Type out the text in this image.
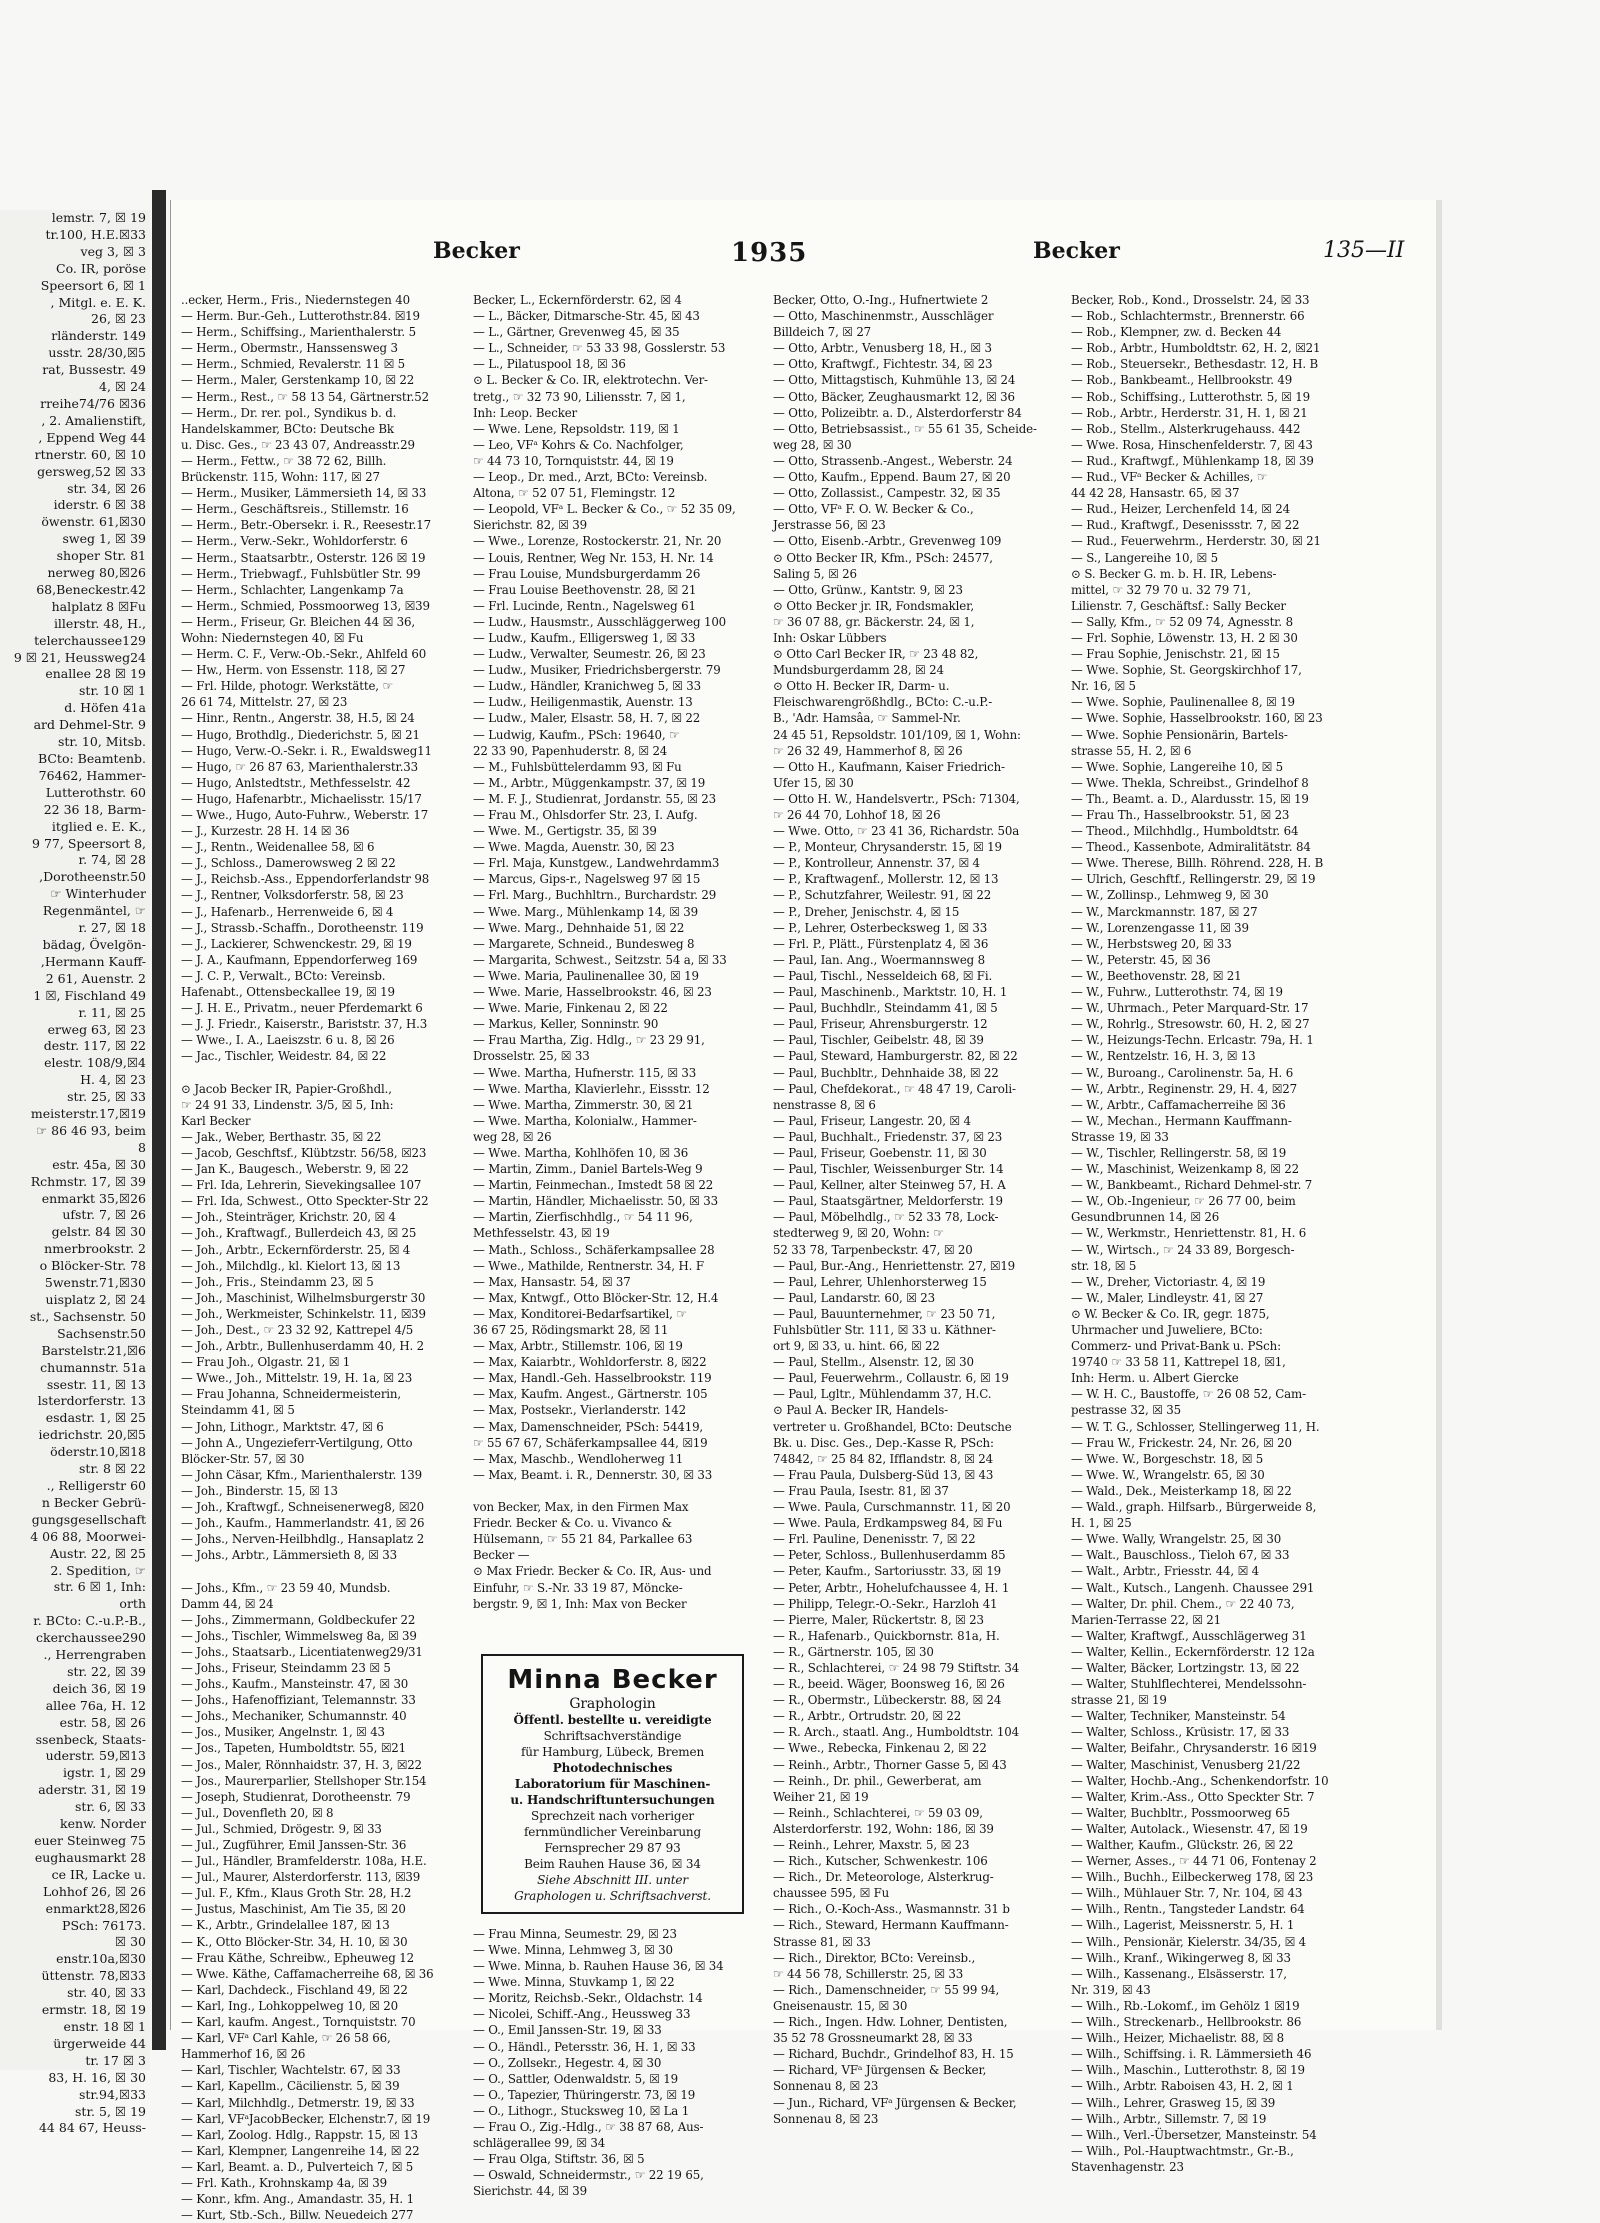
lemstr. 7, ☒ 19
tr.100, H.E.☒33
veg 3, ☒ 3
Co. IR, poröse
Speersort 6, ☒ 1
, Mitgl. e. E. K.
26, ☒ 23
rländerstr. 149
usstr. 28/30,☒5
rat, Bussestr. 49
4, ☒ 24
rreihe74/76 ☒36
, 2. Amalienstift,
, Eppend Weg 44
rtnerstr. 60, ☒ 10
gersweg,52 ☒ 33
str. 34, ☒ 26
iderstr. 6 ☒ 38
öwenstr. 61,☒30
sweg 1, ☒ 39
shoper Str. 81
nerweg 80,☒26
68,Beneckestr.42
halplatz 8 ☒Fu
illerstr. 48, H.,
telerchaussee129
9 ☒ 21, Heussweg24
enallee 28 ☒ 19
str. 10 ☒ 1
d. Höfen 41a
ard Dehmel-Str. 9
str. 10, Mitsb.
BCto: Beamtenb.
76462, Hammer-
Lutterothstr. 60
22 36 18, Barm-
itglied e. E. K.,
9 77, Speersort 8,
r. 74, ☒ 28
,Dorotheenstr.50
☞ Winterhuder
Regenmäntel, ☞
r. 27, ☒ 18
bädag, Övelgön-
,Hermann Kauff-
2 61, Auenstr. 2
1 ☒, Fischland 49
r. 11, ☒ 25
erweg 63, ☒ 23
destr. 117, ☒ 22
elestr. 108/9,☒4
H. 4, ☒ 23
str. 25, ☒ 33
meisterstr.17,☒19
☞ 86 46 93, beim
8
estr. 45a, ☒ 30
Rchmstr. 17, ☒ 39
enmarkt 35,☒26
ufstr. 7, ☒ 26
gelstr. 84 ☒ 30
nmerbrookstr. 2
o Blöcker-Str. 78
5wenstr.71,☒30
uisplatz 2, ☒ 24
st., Sachsenstr. 50
Sachsenstr.50
Barstelstr.21,☒6
chumannstr. 51a
ssestr. 11, ☒ 13
lsterdorferstr. 13
esdastr. 1, ☒ 25
iedrichstr. 20,☒5
öderstr.10,☒18
str. 8 ☒ 22
., Relligerstr 60
n Becker Gebrü-
gungsgesellschaft
4 06 88, Moorwei-
Austr. 22, ☒ 25
2. Spedition, ☞
str. 6 ☒ 1, Inh:
orth
r. BCto: C.-u.P.-B.,
ckerchaussee290
., Herrengraben
str. 22, ☒ 39
deich 36, ☒ 19
allee 76a, H. 12
estr. 58, ☒ 26
ssenbeck, Staats-
uderstr. 59,☒13
igstr. 1, ☒ 29
aderstr. 31, ☒ 19
str. 6, ☒ 33
kenw. Norder
euer Steinweg 75
eughausmarkt 28
ce IR, Lacke u.
Lohhof 26, ☒ 26
enmarkt28,☒26
PSch: 76173.
☒ 30
enstr.10a,☒30
üttenstr. 78,☒33
str. 40, ☒ 33
ermstr. 18, ☒ 19
enstr. 18 ☒ 1
ürgerweide 44
tr. 17 ☒ 3
83, H. 16, ☒ 30
str.94,☒33
str. 5, ☒ 19
44 84 67, Heuss-
Becker	1935	Becker	135—II
..ecker, Herm., Fris., Niedernstegen 40
— Herm. Bur.-Geh., Lutterothstr.84. ☒19
— Herm., Schiffsing., Marienthalerstr. 5
— Herm., Obermstr., Hanssensweg 3
— Herm., Schmied, Revalerstr. 11 ☒ 5
— Herm., Maler, Gerstenkamp 10, ☒ 22
— Herm., Rest., ☞ 58 13 54, Gärtnerstr.52
— Herm., Dr. rer. pol., Syndikus b. d.
Handelskammer, BCto: Deutsche Bk
u. Disc. Ges., ☞ 23 43 07, Andreasstr.29
— Herm., Fettw., ☞ 38 72 62, Billh.
Brückenstr. 115, Wohn: 117, ☒ 27
— Herm., Musiker, Lämmersieth 14, ☒ 33
— Herm., Geschäftsreis., Stillemstr. 16
— Herm., Betr.-Obersekr. i. R., Reesestr.17
— Herm., Verw.-Sekr., Wohldorferstr. 6
— Herm., Staatsarbtr., Osterstr. 126 ☒ 19
— Herm., Triebwagf., Fuhlsbütler Str. 99
— Herm., Schlachter, Langenkamp 7a
— Herm., Schmied, Possmoorweg 13, ☒39
— Herm., Friseur, Gr. Bleichen 44 ☒ 36,
Wohn: Niedernstegen 40, ☒ Fu
— Herm. C. F., Verw.-Ob.-Sekr., Ahlfeld 60
— Hw., Herm. von Essenstr. 118, ☒ 27
— Frl. Hilde, photogr. Werkstätte, ☞
26 61 74, Mittelstr. 27, ☒ 23
— Hinr., Rentn., Angerstr. 38, H.5, ☒ 24
— Hugo, Brothdlg., Diederichstr. 5, ☒ 21
— Hugo, Verw.-O.-Sekr. i. R., Ewaldsweg11
— Hugo, ☞ 26 87 63, Marienthalerstr.33
— Hugo, Anlstedtstr., Methfesselstr. 42
— Hugo, Hafenarbtr., Michaelisstr. 15/17
— Wwe., Hugo, Auto-Fuhrw., Weberstr. 17
— J., Kurzestr. 28 H. 14 ☒ 36
— J., Rentn., Weidenallee 58, ☒ 6
— J., Schloss., Damerowsweg 2 ☒ 22
— J., Reichsb.-Ass., Eppendorferlandstr 98
— J., Rentner, Volksdorferstr. 58, ☒ 23
— J., Hafenarb., Herrenweide 6, ☒ 4
— J., Strassb.-Schaffn., Dorotheenstr. 119
— J., Lackierer, Schwenckestr. 29, ☒ 19
— J. A., Kaufmann, Eppendorferweg 169
— J. C. P., Verwalt., BCto: Vereinsb.
Hafenabt., Ottensbeckallee 19, ☒ 19
— J. H. E., Privatm., neuer Pferdemarkt 6
— J. J. Friedr., Kaiserstr., Bariststr. 37, H.3
— Wwe., I. A., Laeiszstr. 6 u. 8, ☒ 26
— Jac., Tischler, Weidestr. 84, ☒ 22

⊙ Jacob Becker IR, Papier-Großhdl.,
☞ 24 91 33, Lindenstr. 3/5, ☒ 5, Inh:
Karl Becker
— Jak., Weber, Berthastr. 35, ☒ 22
— Jacob, Geschftsf., Klübtzstr. 56/58, ☒23
— Jan K., Baugesch., Weberstr. 9, ☒ 22
— Frl. Ida, Lehrerin, Sievekingsallee 107
— Frl. Ida, Schwest., Otto Speckter-Str 22
— Joh., Steinträger, Krichstr. 20, ☒ 4
— Joh., Kraftwagf., Bullerdeich 43, ☒ 25
— Joh., Arbtr., Eckernförderstr. 25, ☒ 4
— Joh., Milchdlg., kl. Kielort 13, ☒ 13
— Joh., Fris., Steindamm 23, ☒ 5
— Joh., Maschinist, Wilhelmsburgerstr 30
— Joh., Werkmeister, Schinkelstr. 11, ☒39
— Joh., Dest., ☞ 23 32 92, Kattrepel 4/5
— Joh., Arbtr., Bullenhuserdamm 40, H. 2
— Frau Joh., Olgastr. 21, ☒ 1
— Wwe., Joh., Mittelstr. 19, H. 1a, ☒ 23
— Frau Johanna, Schneidermeisterin,
Steindamm 41, ☒ 5
— John, Lithogr., Marktstr. 47, ☒ 6
— John A., Ungezieferr-Vertilgung, Otto
Blöcker-Str. 57, ☒ 30
— John Cäsar, Kfm., Marienthalerstr. 139
— Joh., Binderstr. 15, ☒ 13
— Joh., Kraftwgf., Schneisenerweg8, ☒20
— Joh., Kaufm., Hammerlandstr. 41, ☒ 26
— Johs., Nerven-Heilbhdlg., Hansaplatz 2
— Johs., Arbtr., Lämmersieth 8, ☒ 33

— Johs., Kfm., ☞ 23 59 40, Mundsb.
Damm 44, ☒ 24
— Johs., Zimmermann, Goldbeckufer 22
— Johs., Tischler, Wimmelsweg 8a, ☒ 39
— Johs., Staatsarb., Licentiatenweg29/31
— Johs., Friseur, Steindamm 23 ☒ 5
— Johs., Kaufm., Mansteinstr. 47, ☒ 30
— Johs., Hafenoffiziant, Telemannstr. 33
— Johs., Mechaniker, Schumannstr. 40
— Jos., Musiker, Angelnstr. 1, ☒ 43
— Jos., Tapeten, Humboldtstr. 55, ☒21
— Jos., Maler, Rönnhaidstr. 37, H. 3, ☒22
— Jos., Maurerparlier, Stellshoper Str.154
— Joseph, Studienrat, Dorotheenstr. 79
— Jul., Dovenfleth 20, ☒ 8
— Jul., Schmied, Drögestr. 9, ☒ 33
— Jul., Zugführer, Emil Janssen-Str. 36
— Jul., Händler, Bramfelderstr. 108a, H.E.
— Jul., Maurer, Alsterdorferstr. 113, ☒39
— Jul. F., Kfm., Klaus Groth Str. 28, H.2
— Justus, Maschinist, Am Tie 35, ☒ 20
— K., Arbtr., Grindelallee 187, ☒ 13
— K., Otto Blöcker-Str. 34, H. 10, ☒ 30
— Frau Käthe, Schreibw., Epheuweg 12
— Wwe. Käthe, Caffamacherreihe 68, ☒ 36
— Karl, Dachdeck., Fischland 49, ☒ 22
— Karl, Ing., Lohkoppelweg 10, ☒ 20
— Karl, kaufm. Angest., Tornquiststr. 70
— Karl, VFᵃ Carl Kahle, ☞ 26 58 66,
Hammerhof 16, ☒ 26
— Karl, Tischler, Wachtelstr. 67, ☒ 33
— Karl, Kapellm., Cäcilienstr. 5, ☒ 39
— Karl, Milchhdlg., Detmerstr. 19, ☒ 33
— Karl, VFᵃJacobBecker, Elchenstr.7, ☒ 19
— Karl, Zoolog. Hdlg., Rappstr. 15, ☒ 13
— Karl, Klempner, Langenreihe 14, ☒ 22
— Karl, Beamt. a. D., Pulverteich 7, ☒ 5
— Frl. Kath., Krohnskamp 4a, ☒ 39
— Konr., kfm. Ang., Amandastr. 35, H. 1
— Kurt, Stb.-Sch., Billw. Neuedeich 277
Becker, L., Eckernförderstr. 62, ☒ 4
— L., Bäcker, Ditmarsche-Str. 45, ☒ 43
— L., Gärtner, Grevenweg 45, ☒ 35
— L., Schneider, ☞ 53 33 98, Gosslerstr. 53
— L., Pilatuspool 18, ☒ 36
⊙ L. Becker & Co. IR, elektrotechn. Ver-
tretg., ☞ 32 73 90, Liliensstr. 7, ☒ 1,
Inh: Leop. Becker
— Wwe. Lene, Repsoldstr. 119, ☒ 1
— Leo, VFᵃ Kohrs & Co. Nachfolger,
☞ 44 73 10, Tornquiststr. 44, ☒ 19
— Leop., Dr. med., Arzt, BCto: Vereinsb.
Altona, ☞ 52 07 51, Flemingstr. 12
— Leopold, VFᵃ L. Becker & Co., ☞ 52 35 09,
Sierichstr. 82, ☒ 39
— Wwe., Lorenze, Rostockerstr. 21, Nr. 20
— Louis, Rentner, Weg Nr. 153, H. Nr. 14
— Frau Louise, Mundsburgerdamm 26
— Frau Louise Beethovenstr. 28, ☒ 21
— Frl. Lucinde, Rentn., Nagelsweg 61
— Ludw., Hausmstr., Ausschläggerweg 100
— Ludw., Kaufm., Elligersweg 1, ☒ 33
— Ludw., Verwalter, Seumestr. 26, ☒ 23
— Ludw., Musiker, Friedrichsbergerstr. 79
— Ludw., Händler, Kranichweg 5, ☒ 33
— Ludw., Heiligenmastik, Auenstr. 13
— Ludw., Maler, Elsastr. 58, H. 7, ☒ 22
— Ludwig, Kaufm., PSch: 19640, ☞
22 33 90, Papenhuderstr. 8, ☒ 24
— M., Fuhlsbüttelerdamm 93, ☒ Fu
— M., Arbtr., Müggenkampstr. 37, ☒ 19
— M. F. J., Studienrat, Jordanstr. 55, ☒ 23
— Frau M., Ohlsdorfer Str. 23, I. Aufg.
— Wwe. M., Gertigstr. 35, ☒ 39
— Wwe. Magda, Auenstr. 30, ☒ 23
— Frl. Maja, Kunstgew., Landwehrdamm3
— Marcus, Gips-r., Nagelsweg 97 ☒ 15
— Frl. Marg., Buchhltrn., Burchardstr. 29
— Wwe. Marg., Mühlenkamp 14, ☒ 39
— Wwe. Marg., Dehnhaide 51, ☒ 22
— Margarete, Schneid., Bundesweg 8
— Margarita, Schwest., Seitzstr. 54 a, ☒ 33
— Wwe. Maria, Paulinenallee 30, ☒ 19
— Wwe. Marie, Hasselbrookstr. 46, ☒ 23
— Wwe. Marie, Finkenau 2, ☒ 22
— Markus, Keller, Sonninstr. 90
— Frau Martha, Zig. Hdlg., ☞ 23 29 91,
Drosselstr. 25, ☒ 33
— Wwe. Martha, Hufnerstr. 115, ☒ 33
— Wwe. Martha, Klavierlehr., Eissstr. 12
— Wwe. Martha, Zimmerstr. 30, ☒ 21
— Wwe. Martha, Kolonialw., Hammer-
weg 28, ☒ 26
— Wwe. Martha, Kohlhöfen 10, ☒ 36
— Martin, Zimm., Daniel Bartels-Weg 9
— Martin, Feinmechan., Imstedt 58 ☒ 22
— Martin, Händler, Michaelisstr. 50, ☒ 33
— Martin, Zierfischhdlg., ☞ 54 11 96,
Methfesselstr. 43, ☒ 19
— Math., Schloss., Schäferkampsallee 28
— Wwe., Mathilde, Rentnerstr. 34, H. F
— Max, Hansastr. 54, ☒ 37
— Max, Kntwgf., Otto Blöcker-Str. 12, H.4
— Max, Konditorei-Bedarfsartikel, ☞
36 67 25, Rödingsmarkt 28, ☒ 11
— Max, Arbtr., Stillemstr. 106, ☒ 19
— Max, Kaiarbtr., Wohldorferstr. 8, ☒22
— Max, Handl.-Geh. Hasselbrookstr. 119
— Max, Kaufm. Angest., Gärtnerstr. 105
— Max, Postsekr., Vierlanderstr. 142
— Max, Damenschneider, PSch: 54419,
☞ 55 67 67, Schäferkampsallee 44, ☒19
— Max, Maschb., Wendloherweg 11
— Max, Beamt. i. R., Dennerstr. 30, ☒ 33

von Becker, Max, in den Firmen Max
Friedr. Becker & Co. u. Vivanco &
Hülsemann, ☞ 55 21 84, Parkallee 63
Becker —
⊙ Max Friedr. Becker & Co. IR, Aus- und
Einfuhr, ☞ S.-Nr. 33 19 87, Mönckе-
bergstr. 9, ☒ 1, Inh: Max von Becker

Minna Becker
Graphologin
Öffentl. bestellte u. vereidigte
Schriftsachverständige
für Hamburg, Lübeck, Bremen
Photodechnisches
Laboratorium für Maschinen-
u. Handschriftuntersuchungen
Sprechzeit nach vorheriger
fernmündlicher Vereinbarung
Fernsprecher 29 87 93
Beim Rauhen Hause 36, ☒ 34
Siehe Abschnitt III. unter
Graphologen u. Schriftsachverst.
— Frau Minna, Seumestr. 29, ☒ 23
— Wwe. Minna, Lehmweg 3, ☒ 30
— Wwe. Minna, b. Rauhen Hause 36, ☒ 34
— Wwe. Minna, Stuvkamp 1, ☒ 22
— Moritz, Reichsb.-Sekr., Oldachstr. 14
— Nicolei, Schiff.-Ang., Heussweg 33
— O., Emil Janssen-Str. 19, ☒ 33
— O., Händl., Petersstr. 36, H. 1, ☒ 33
— O., Zollsekr., Hegestr. 4, ☒ 30
— O., Sattler, Odenwaldstr. 5, ☒ 19
— O., Tapezier, Thüringerstr. 73, ☒ 19
— O., Lithogr., Stucksweg 10, ☒ La 1
— Frau O., Zig.-Hdlg., ☞ 38 87 68, Aus-
schlägerallee 99, ☒ 34
— Frau Olga, Stiftstr. 36, ☒ 5
— Oswald, Schneidermstr., ☞ 22 19 65,
Sierichstr. 44, ☒ 39
Becker, Otto, O.-Ing., Hufnertwiete 2
— Otto, Maschinenmstr., Ausschläger
Billdeich 7, ☒ 27
— Otto, Arbtr., Venusberg 18, H., ☒ 3
— Otto, Kraftwgf., Fichtestr. 34, ☒ 23
— Otto, Mittagstisch, Kuhmühle 13, ☒ 24
— Otto, Bäcker, Zeughausmarkt 12, ☒ 36
— Otto, Polizeibtr. a. D., Alsterdorferstr 84
— Otto, Betriebsassist., ☞ 55 61 35, Scheide-
weg 28, ☒ 30
— Otto, Strassenb.-Angest., Weberstr. 24
— Otto, Kaufm., Eppend. Baum 27, ☒ 20
— Otto, Zollassist., Campestr. 32, ☒ 35
— Otto, VFᵃ F. O. W. Becker & Co.,
Jerstrasse 56, ☒ 23
— Otto, Eisenb.-Arbtr., Grevenweg 109
⊙ Otto Becker IR, Kfm., PSch: 24577,
Saling 5, ☒ 26
— Otto, Grünw., Kantstr. 9, ☒ 23
⊙ Otto Becker jr. IR, Fondsmakler,
☞ 36 07 88, gr. Bäckerstr. 24, ☒ 1,
Inh: Oskar Lübbers
⊙ Otto Carl Becker IR, ☞ 23 48 82,
Mundsburgerdamm 28, ☒ 24
⊙ Otto H. Becker IR, Darm- u.
Fleischwarengrößhdlg., BCto: C.-u.P.-
B., 'Adr. Hamsâa, ☞ Sammel-Nr.
24 45 51, Repsoldstr. 101/109, ☒ 1, Wohn:
☞ 26 32 49, Hammerhof 8, ☒ 26
— Otto H., Kaufmann, Kaiser Friedrich-
Ufer 15, ☒ 30
— Otto H. W., Handelsvertr., PSch: 71304,
☞ 26 44 70, Lohhof 18, ☒ 26
— Wwe. Otto, ☞ 23 41 36, Richardstr. 50a
— P., Monteur, Chrysanderstr. 15, ☒ 19
— P., Kontrolleur, Annenstr. 37, ☒ 4
— P., Kraftwagenf., Mollerstr. 12, ☒ 13
— P., Schutzfahrer, Weilestr. 91, ☒ 22
— P., Dreher, Jenischstr. 4, ☒ 15
— P., Lehrer, Osterbecksweg 1, ☒ 33
— Frl. P., Plätt., Fürstenplatz 4, ☒ 36
— Paul, Ian. Ang., Woermannsweg 8
— Paul, Tischl., Nesseldeich 68, ☒ Fi.
— Paul, Maschinenb., Marktstr. 10, H. 1
— Paul, Buchhdlr., Steindamm 41, ☒ 5
— Paul, Friseur, Ahrensburgerstr. 12
— Paul, Tischler, Geibelstr. 48, ☒ 39
— Paul, Steward, Hamburgerstr. 82, ☒ 22
— Paul, Buchbltr., Dehnhaide 38, ☒ 22
— Paul, Chefdekorat., ☞ 48 47 19, Caroli-
nenstrasse 8, ☒ 6
— Paul, Friseur, Langestr. 20, ☒ 4
— Paul, Buchhalt., Friedenstr. 37, ☒ 23
— Paul, Friseur, Goebenstr. 11, ☒ 30
— Paul, Tischler, Weissenburger Str. 14
— Paul, Kellner, alter Steinweg 57, H. A
— Paul, Staatsgärtner, Meldorferstr. 19
— Paul, Möbelhdlg., ☞ 52 33 78, Lock-
stedterweg 9, ☒ 20, Wohn: ☞
52 33 78, Tarpenbeckstr. 47, ☒ 20
— Paul, Bur.-Ang., Henriettenstr. 27, ☒19
— Paul, Lehrer, Uhlenhorsterweg 15
— Paul, Landarstr. 60, ☒ 23
— Paul, Bauunternehmer, ☞ 23 50 71,
Fuhlsbütler Str. 111, ☒ 33 u. Käthner-
ort 9, ☒ 33, u. hint. 66, ☒ 22
— Paul, Stellm., Alsenstr. 12, ☒ 30
— Paul, Feuerwehrm., Collaustr. 6, ☒ 19
— Paul, Lgltr., Mühlendamm 37, H.C.
⊙ Paul A. Becker IR, Handels-
vertreter u. Großhandel, BCto: Deutsche
Bk. u. Disc. Ges., Dep.-Kasse R, PSch:
74842, ☞ 25 84 82, Ifflandstr. 8, ☒ 24
— Frau Paula, Dulsberg-Süd 13, ☒ 43
— Frau Paula, Isestr. 81, ☒ 37
— Wwe. Paula, Curschmannstr. 11, ☒ 20
— Wwe. Paula, Erdkampsweg 84, ☒ Fu
— Frl. Pauline, Denenisstr. 7, ☒ 22
— Peter, Schloss., Bullenhuserdamm 85
— Peter, Kaufm., Sartoriusstr. 33, ☒ 19
— Peter, Arbtr., Hohelufchaussee 4, H. 1
— Philipp, Telegr.-O.-Sekr., Harzloh 41
— Pierre, Maler, Rückertstr. 8, ☒ 23
— R., Hafenarb., Quickbornstr. 81a, H.
— R., Gärtnerstr. 105, ☒ 30
— R., Schlachterei, ☞ 24 98 79 Stiftstr. 34
— R., beeid. Wäger, Boonsweg 16, ☒ 26
— R., Obermstr., Lübeckerstr. 88, ☒ 24
— R., Arbtr., Ortrudstr. 20, ☒ 22
— R. Arch., staatl. Ang., Humboldtstr. 104
— Wwe., Rebecka, Finkenau 2, ☒ 22
— Reinh., Arbtr., Thorner Gasse 5, ☒ 43
— Reinh., Dr. phil., Gewerberat, am
Weiher 21, ☒ 19
— Reinh., Schlachterei, ☞ 59 03 09,
Alsterdorferstr. 192, Wohn: 186, ☒ 39
— Reinh., Lehrer, Maxstr. 5, ☒ 23
— Rich., Kutscher, Schwenkestr. 106
— Rich., Dr. Meteorologe, Alsterkrug-
chaussee 595, ☒ Fu
— Rich., O.-Koch-Ass., Wasmannstr. 31 b
— Rich., Steward, Hermann Kauffmann-
Strasse 81, ☒ 33
— Rich., Direktor, BCto: Vereinsb.,
☞ 44 56 78, Schillerstr. 25, ☒ 33
— Rich., Damenschneider, ☞ 55 99 94,
Gneisenaustr. 15, ☒ 30
— Rich., Ingen. Hdw. Lohner, Dentisten,
35 52 78 Grossneumarkt 28, ☒ 33
— Richard, Buchdr., Grindelhof 83, H. 15
— Richard, VFᵃ Jürgensen & Becker,
Sonnenau 8, ☒ 23
— Jun., Richard, VFᵃ Jürgensen & Becker,
Sonnenau 8, ☒ 23
Becker, Rob., Kond., Drosselstr. 24, ☒ 33
— Rob., Schlachtermstr., Brennerstr. 66
— Rob., Klempner, zw. d. Becken 44
— Rob., Arbtr., Humboldtstr. 62, H. 2, ☒21
— Rob., Steuersekr., Bethesdastr. 12, H. B
— Rob., Bankbeamt., Hellbrookstr. 49
— Rob., Schiffsing., Lutterothstr. 5, ☒ 19
— Rob., Arbtr., Herderstr. 31, H. 1, ☒ 21
— Rob., Stellm., Alsterkrugehauss. 442
— Wwe. Rosa, Hinschenfelderstr. 7, ☒ 43
— Rud., Kraftwgf., Mühlenkamp 18, ☒ 39
— Rud., VFᵃ Becker & Achilles, ☞
44 42 28, Hansastr. 65, ☒ 37
— Rud., Heizer, Lerchenfeld 14, ☒ 24
— Rud., Kraftwgf., Desenissstr. 7, ☒ 22
— Rud., Feuerwehrm., Herderstr. 30, ☒ 21
— S., Langereihe 10, ☒ 5
⊙ S. Becker G. m. b. H. IR, Lebens-
mittel, ☞ 32 79 70 u. 32 79 71,
Lilienstr. 7, Geschäftsf.: Sally Becker
— Sally, Kfm., ☞ 52 09 74, Agnesstr. 8
— Frl. Sophie, Löwenstr. 13, H. 2 ☒ 30
— Frau Sophie, Jenischstr. 21, ☒ 15
— Wwe. Sophie, St. Georgskirchhof 17,
Nr. 16, ☒ 5
— Wwe. Sophie, Paulinenallee 8, ☒ 19
— Wwe. Sophie, Hasselbrookstr. 160, ☒ 23
— Wwe. Sophie Pensionärin, Bartels-
strasse 55, H. 2, ☒ 6
— Wwe. Sophie, Langereihe 10, ☒ 5
— Wwe. Thekla, Schreibst., Grindelhof 8
— Th., Beamt. a. D., Alardusstr. 15, ☒ 19
— Frau Th., Hasselbrookstr. 51, ☒ 23
— Theod., Milchhdlg., Humboldtstr. 64
— Theod., Kassenbote, Admiralitätstr. 84
— Wwe. Therese, Billh. Röhrend. 228, H. B
— Ulrich, Geschftf., Rellingerstr. 29, ☒ 19
— W., Zollinsp., Lehmweg 9, ☒ 30
— W., Marckmannstr. 187, ☒ 27
— W., Lorenzengasse 11, ☒ 39
— W., Herbstsweg 20, ☒ 33
— W., Peterstr. 45, ☒ 36
— W., Beethovenstr. 28, ☒ 21
— W., Fuhrw., Lutterothstr. 74, ☒ 19
— W., Uhrmach., Peter Marquard-Str. 17
— W., Rohrlg., Stresowstr. 60, H. 2, ☒ 27
— W., Heizungs-Techn. Erlcastr. 79a, H. 1
— W., Rentzelstr. 16, H. 3, ☒ 13
— W., Buroang., Carolinenstr. 5a, H. 6
— W., Arbtr., Reginenstr. 29, H. 4, ☒27
— W., Arbtr., Caffamacherreihe ☒ 36
— W., Mechan., Hermann Kauffmann-
Strasse 19, ☒ 33
— W., Tischler, Rellingerstr. 58, ☒ 19
— W., Maschinist, Weizenkamp 8, ☒ 22
— W., Bankbeamt., Richard Dehmel-str. 7
— W., Ob.-Ingenieur, ☞ 26 77 00, beim
Gesundbrunnen 14, ☒ 26
— W., Werkmstr., Henriettenstr. 81, H. 6
— W., Wirtsch., ☞ 24 33 89, Borgesch-
str. 18, ☒ 5
— W., Dreher, Victoriastr. 4, ☒ 19
— W., Maler, Lindleystr. 41, ☒ 27
⊙ W. Becker & Co. IR, gegr. 1875,
Uhrmacher und Juweliere, BCto:
Commerz- und Privat-Bank u. PSch:
19740 ☞ 33 58 11, Kattrepel 18, ☒1,
Inh: Herm. u. Albert Giercke
— W. H. C., Baustoffe, ☞ 26 08 52, Cam-
pestrasse 32, ☒ 35
— W. T. G., Schlosser, Stellingerweg 11, H.
— Frau W., Frickestr. 24, Nr. 26, ☒ 20
— Wwe. W., Borgeschstr. 18, ☒ 5
— Wwe. W., Wrangelstr. 65, ☒ 30
— Wald., Dek., Meisterkamp 18, ☒ 22
— Wald., graph. Hilfsarb., Bürgerweide 8,
H. 1, ☒ 25
— Wwe. Wally, Wrangelstr. 25, ☒ 30
— Walt., Bauschloss., Tieloh 67, ☒ 33
— Walt., Arbtr., Friesstr. 44, ☒ 4
— Walt., Kutsch., Langenh. Chaussee 291
— Walter, Dr. phil. Chem., ☞ 22 40 73,
Marien-Terrasse 22, ☒ 21
— Walter, Kraftwgf., Ausschlägerweg 31
— Walter, Kellin., Eckernförderstr. 12 12a
— Walter, Bäcker, Lortzingstr. 13, ☒ 22
— Walter, Stuhlflechterei, Mendelssohn-
strasse 21, ☒ 19
— Walter, Techniker, Mansteinstr. 54
— Walter, Schloss., Krüsistr. 17, ☒ 33
— Walter, Beifahr., Chrysanderstr. 16 ☒19
— Walter, Maschinist, Venusberg 21/22
— Walter, Hochb.-Ang., Schenkendorfstr. 10
— Walter, Krim.-Ass., Otto Speckter Str. 7
— Walter, Buchbltr., Possmoorweg 65
— Walter, Autolack., Wiesenstr. 47, ☒ 19
— Walther, Kaufm., Glückstr. 26, ☒ 22
— Werner, Asses., ☞ 44 71 06, Fontenay 2
— Wilh., Buchh., Eilbeckerweg 178, ☒ 23
— Wilh., Mühlauer Str. 7, Nr. 104, ☒ 43
— Wilh., Rentn., Tangsteder Landstr. 64
— Wilh., Lagerist, Meissnerstr. 5, H. 1
— Wilh., Pensionär, Kielerstr. 34/35, ☒ 4
— Wilh., Kranf., Wikingerweg 8, ☒ 33
— Wilh., Kassenang., Elsässerstr. 17,
Nr. 319, ☒ 43
— Wilh., Rb.-Lokomf., im Gehölz 1 ☒19
— Wilh., Streckenarb., Hellbrookstr. 86
— Wilh., Heizer, Michaelistr. 88, ☒ 8
— Wilh., Schiffsing. i. R. Lämmersieth 46
— Wilh., Maschin., Lutterothstr. 8, ☒ 19
— Wilh., Arbtr. Raboisen 43, H. 2, ☒ 1
— Wilh., Lehrer, Grasweg 15, ☒ 39
— Wilh., Arbtr., Sillemstr. 7, ☒ 19
— Wilh., Verl.-Übersetzer, Mansteinstr. 54
— Wilh., Pol.-Hauptwachtmstr., Gr.-B.,
Stavenhagenstr. 23
